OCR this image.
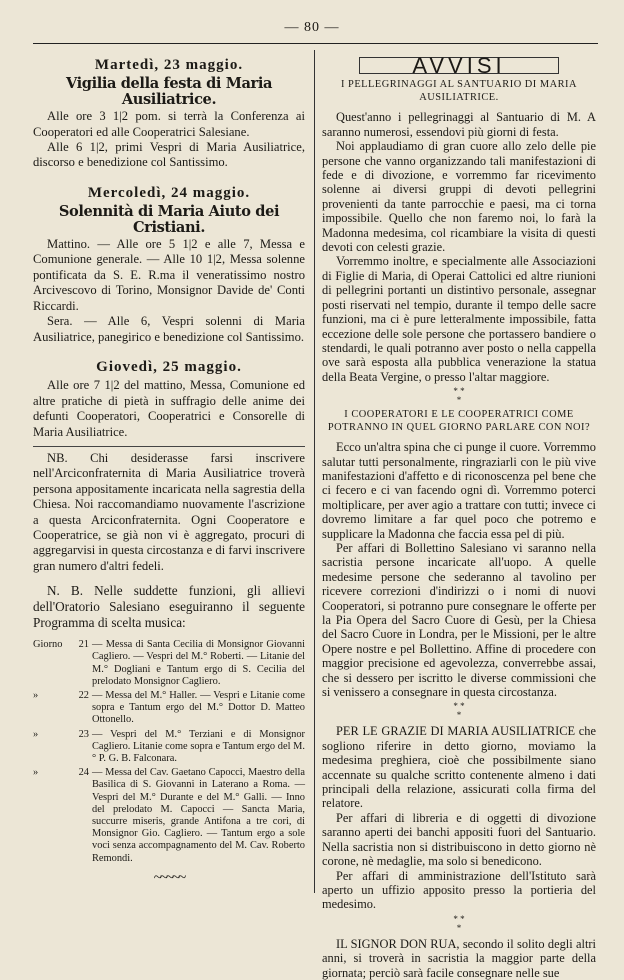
— 80 —
Martedì, 23 maggio.
Vigilia della festa di Maria Ausiliatrice.

Alle ore 3 1|2 pom. si terrà la Conferenza ai Cooperatori ed alle Cooperatrici Salesiane.

Alle 6 1|2, primi Vespri di Maria Ausiliatrice, discorso e benedizione col Santissimo.

Mercoledì, 24 maggio.
Solennità di Maria Aiuto dei Cristiani.

Mattino. — Alle ore 5 1|2 e alle 7, Messa e Comunione generale. — Alle 10 1|2, Messa solenne pontificata da S. E. R.ma il veneratissimo nostro Arcivescovo di Torino, Monsignor Davide de' Conti Riccardi.

Sera. — Alle 6, Vespri solenni di Maria Ausiliatrice, panegirico e benedizione col Santissimo.

Giovedì, 25 maggio.

Alle ore 7 1|2 del mattino, Messa, Comunione ed altre pratiche di pietà in suffragio delle anime dei defunti Cooperatori, Cooperatrici e Consorelle di Maria Ausiliatrice.

NB. Chi desiderasse farsi inscrivere nell'Arciconfraternita di Maria Ausiliatrice troverà persona appositamente incaricata nella sagrestia della Chiesa. Noi raccomandiamo nuovamente l'ascrizione a questa Arciconfraternita. Ogni Cooperatore e Cooperatrice, se già non vi è aggregato, procuri di aggregarvisi in questa circostanza e di farvi inscrivere gran numero d'altri fedeli.

N. B. Nelle suddette funzioni, gli allievi dell'Oratorio Salesiano eseguiranno il seguente Programma di scelta musica:

Giorno	21 — Messa di Santa Cecilia di Monsignor Giovanni Cagliero. — Vespri del M.° Roberti. — Litanie del M.° Dogliani e Tantum ergo di S. Cecilia del prelodato Monsignor Cagliero.
»	22 — Messa del M.° Haller. — Vespri e Litanie come sopra e Tantum ergo del M.° Dottor D. Matteo Ottonello.
»	23 — Vespri del M.° Terziani e di Monsignor Cagliero. Litanie come sopra e Tantum ergo del M.° P. G. B. Falconara.
»	24 — Messa del Cav. Gaetano Capocci, Maestro della Basilica di S. Giovanni in Laterano a Roma. — Vespri del M.° Durante e del M.° Galli. — Inno del prelodato M. Capocci — Sancta Maria, succurre miseris, grande Antifona a tre cori, di Monsignor Gio. Cagliero. — Tantum ergo a sole voci senza accompagnamento del M. Cav. Roberto Remondi.
~~~~~
AVVISI
I PELLEGRINAGGI AL SANTUARIO DI MARIA AUSILIATRICE.

Quest'anno i pellegrinaggi al Santuario di M. A saranno numerosi, essendovi più giorni di festa.

Noi applaudiamo di gran cuore allo zelo delle pie persone che vanno organizzando tali manifestazioni di fede e di divozione, e vorremmo far ricevimento solenne ai diversi gruppi di devoti pellegrini provenienti da tante parrocchie e paesi, ma ci torna impossibile. Quello che non faremo noi, lo farà la Madonna medesima, col ricambiare la visita di questi devoti con celesti grazie.

Vorremmo inoltre, e specialmente alle Associazioni di Figlie di Maria, di Operai Cattolici ed altre riunioni di pellegrini portanti un distintivo personale, assegnar posti riservati nel tempio, durante il tempo delle sacre funzioni, ma ci è pure letteralmente impossibile, fatta eccezione delle sole persone che portassero bandiere o stendardi, le quali potranno aver posto o nella cappella ove sarà esposta alla pubblica venerazione la statua della Beata Vergine, o presso l'altar maggiore.

* *
*
I COOPERATORI E LE COOPERATRICI COME POTRANNO IN QUEL GIORNO PARLARE CON NOI?

Ecco un'altra spina che ci punge il cuore. Vorremmo salutar tutti personalmente, ringraziarli con le più vive manifestazioni d'affetto e di riconoscenza pel bene che ci fecero e ci van facendo ogni dì. Vorremmo poterci moltiplicare, per aver agio a trattare con tutti; invece ci dovremo limitare a far quel poco che potremo e supplicare la Madonna che faccia essa pel di più.

Per affari di Bollettino Salesiano vi saranno nella sacristia persone incaricate all'uopo. A quelle medesime persone che sederanno al tavolino per ricevere correzioni d'indirizzi o i nomi di nuovi Cooperatori, si potranno pure consegnare le offerte per la Pia Opera del Sacro Cuore di Gesù, per la Chiesa del Sacro Cuore in Londra, per le Missioni, per le altre Opere nostre e pel Bollettino. Affine di procedere con maggior precisione ed agevolezza, converrebbe assai, che si dessero per iscritto le diverse commissioni che si venissero a consegnare in questa circostanza.

* *
*

PER LE GRAZIE DI MARIA AUSILIATRICE che sogliono riferire in detto giorno, moviamo la medesima preghiera, cioè che possibilmente siano accennate su qualche scritto contenente almeno i dati principali della relazione, assicurati colla firma del relatore.

Per affari di libreria e di oggetti di divozione saranno aperti dei banchi appositi fuori del Santuario. Nella sacristia non si distribuiscono in detto giorno nè corone, nè medaglie, ma solo si benedicono.

Per affari di amministrazione dell'Istituto sarà aperto un uffizio apposito presso la portieria del medesimo.

* *
*

IL SIGNOR DON RUA, secondo il solito degli altri anni, si troverà in sacristia la maggior parte della giornata; perciò sarà facile consegnare nelle sue
